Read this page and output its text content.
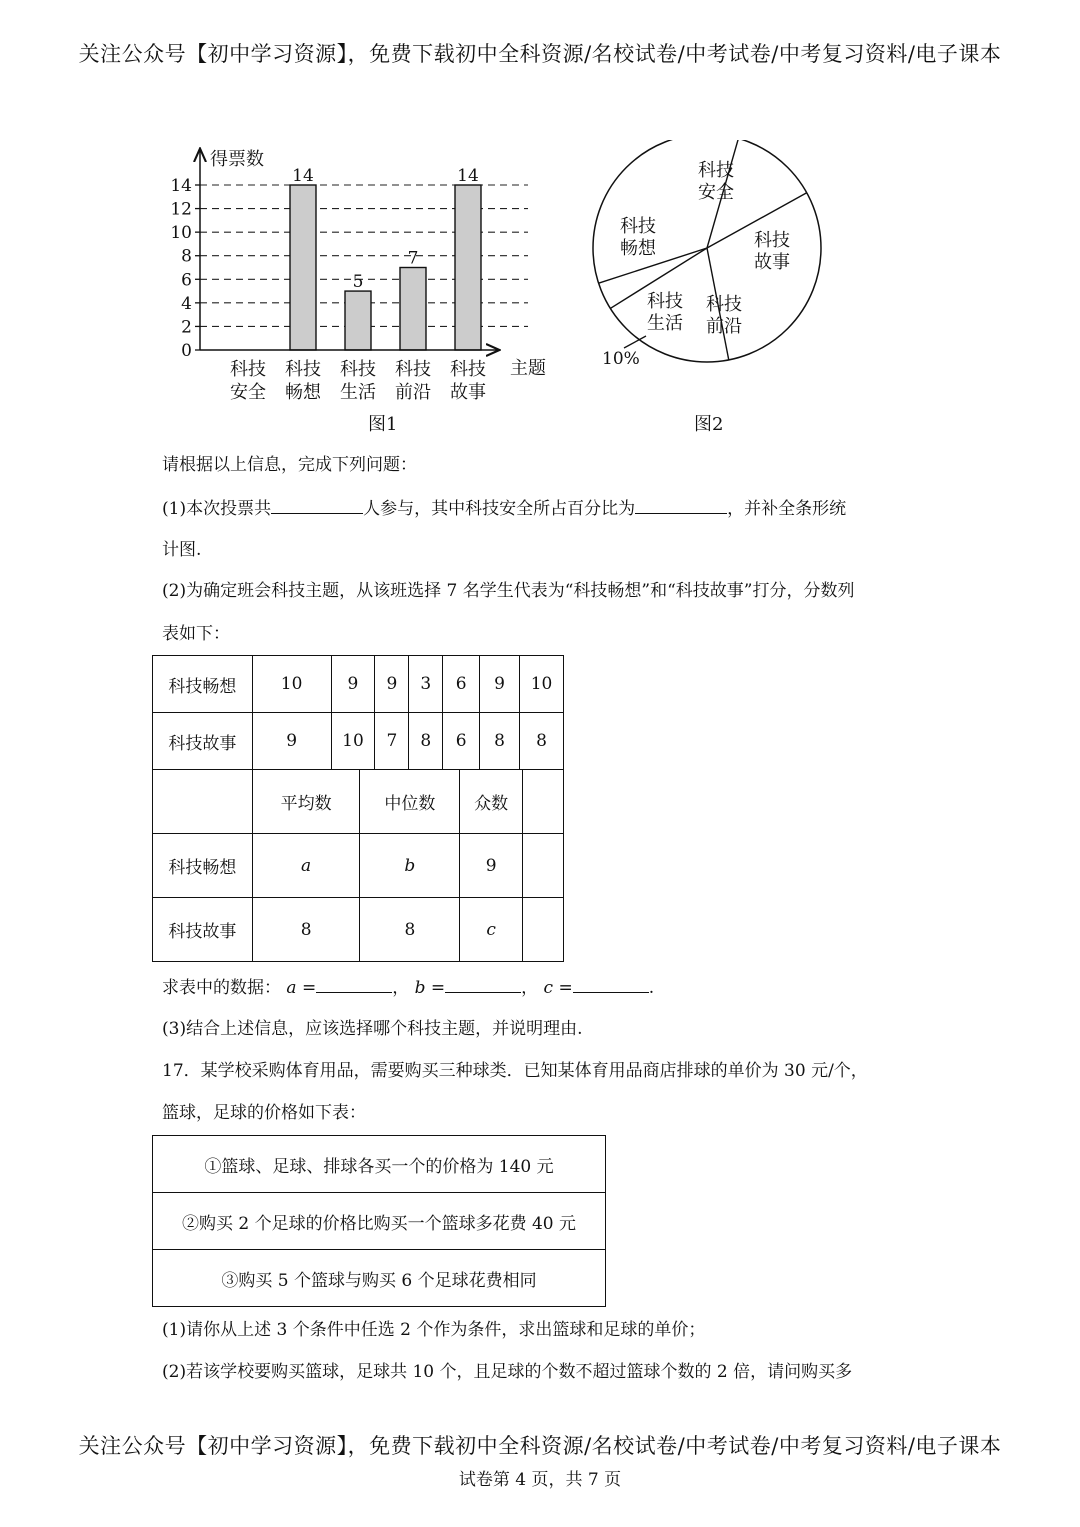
关注公众号【初中学习资源】，免费下载初中全科资源/名校试卷/中考试卷/中考复习资料/电子课本
0
2
4
6
8
10
12
14
科技
安全
科技
畅想
科技
生活
科技
前沿
科技
故事
14
5
7
14
得票数
主题
图1
科技
安全
科技
故事
科技
前沿
科技
生活
科技
畅想
10%
图2
请根据以上信息，完成下列问题：
(1)本次投票共	人参与，其中科技安全所占百分比为	，并补全条形统
计图.
(2)为确定班会科技主题，从该班选择 7 名学生代表为“科技畅想”和“科技故事”打分，分数列
表如下：
科技畅想	10	9	9	3	6	9	10
科技故事	9	10	7	8	6	8	8
	平均数	中位数	众数	
科技畅想	a	b	9	
科技故事	8	8	c	
求表中的数据： a =	， b =	， c =	.
(3)结合上述信息，应该选择哪个科技主题，并说明理由.
17．某学校采购体育用品，需要购买三种球类．已知某体育用品商店排球的单价为 30 元/个，
篮球，足球的价格如下表：
①篮球、足球、排球各买一个的价格为 140 元
②购买 2 个足球的价格比购买一个篮球多花费 40 元
③购买 5 个篮球与购买 6 个足球花费相同
(1)请你从上述 3 个条件中任选 2 个作为条件，求出篮球和足球的单价；
(2)若该学校要购买篮球，足球共 10 个，且足球的个数不超过篮球个数的 2 倍，请问购买多
关注公众号【初中学习资源】，免费下载初中全科资源/名校试卷/中考试卷/中考复习资料/电子课本
试卷第 4 页，共 7 页
